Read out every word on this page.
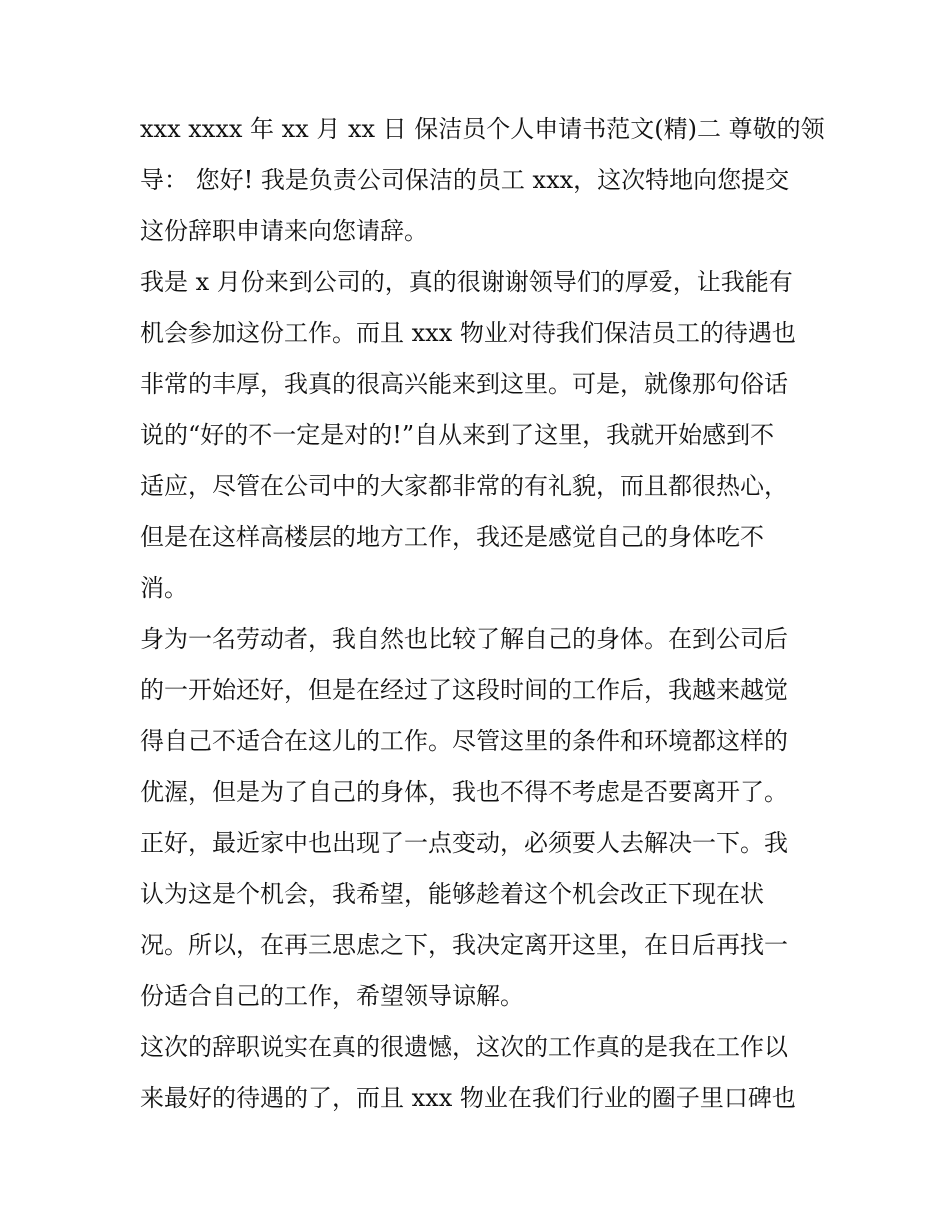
xxx xxxx 年 xx 月 xx 日 保洁员个人申请书范文(精)二 尊敬的领
导： 您好! 我是负责公司保洁的员工 xxx，这次特地向您提交
这份辞职申请来向您请辞。

我是 x 月份来到公司的，真的很谢谢领导们的厚爱，让我能有
机会参加这份工作。而且 xxx 物业对待我们保洁员工的待遇也
非常的丰厚，我真的很高兴能来到这里。可是，就像那句俗话
说的“好的不一定是对的!”自从来到了这里，我就开始感到不
适应，尽管在公司中的大家都非常的有礼貌，而且都很热心，
但是在这样高楼层的地方工作，我还是感觉自己的身体吃不
消。

身为一名劳动者，我自然也比较了解自己的身体。在到公司后
的一开始还好，但是在经过了这段时间的工作后，我越来越觉
得自己不适合在这儿的工作。尽管这里的条件和环境都这样的
优渥，但是为了自己的身体，我也不得不考虑是否要离开了。
正好，最近家中也出现了一点变动，必须要人去解决一下。我
认为这是个机会，我希望，能够趁着这个机会改正下现在状
况。所以，在再三思虑之下，我决定离开这里，在日后再找一
份适合自己的工作，希望领导谅解。

这次的辞职说实在真的很遗憾，这次的工作真的是我在工作以
来最好的待遇的了，而且 xxx 物业在我们行业的圈子里口碑也
